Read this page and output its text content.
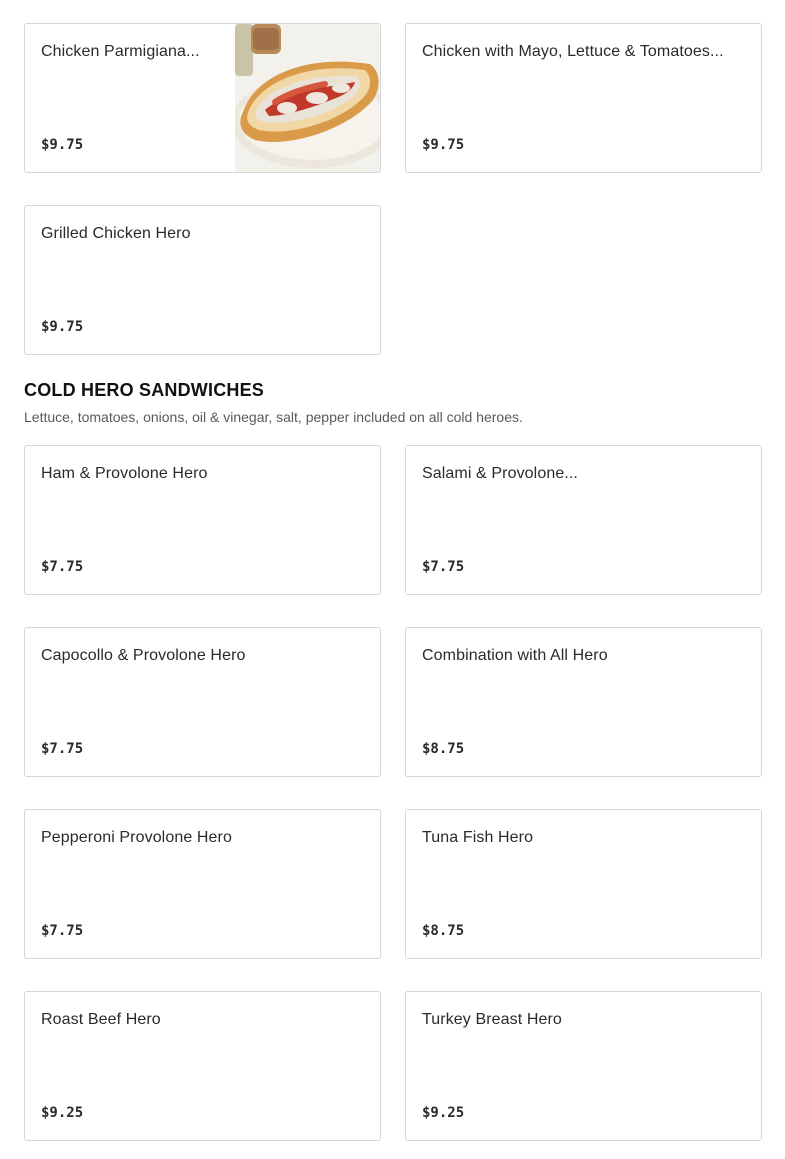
Chicken Parmigiana...
$9.75
Chicken with Mayo, Lettuce & Tomatoes...
$9.75
Grilled Chicken Hero
$9.75
COLD HERO SANDWICHES

Lettuce, tomatoes, onions, oil & vinegar, salt, pepper included on all cold heroes.

Ham & Provolone Hero
$7.75
Salami & Provolone...
$7.75
Capocollo & Provolone Hero
$7.75
Combination with All Hero
$8.75
Pepperoni Provolone Hero
$7.75
Tuna Fish Hero
$8.75
Roast Beef Hero
$9.25
Turkey Breast Hero
$9.25
